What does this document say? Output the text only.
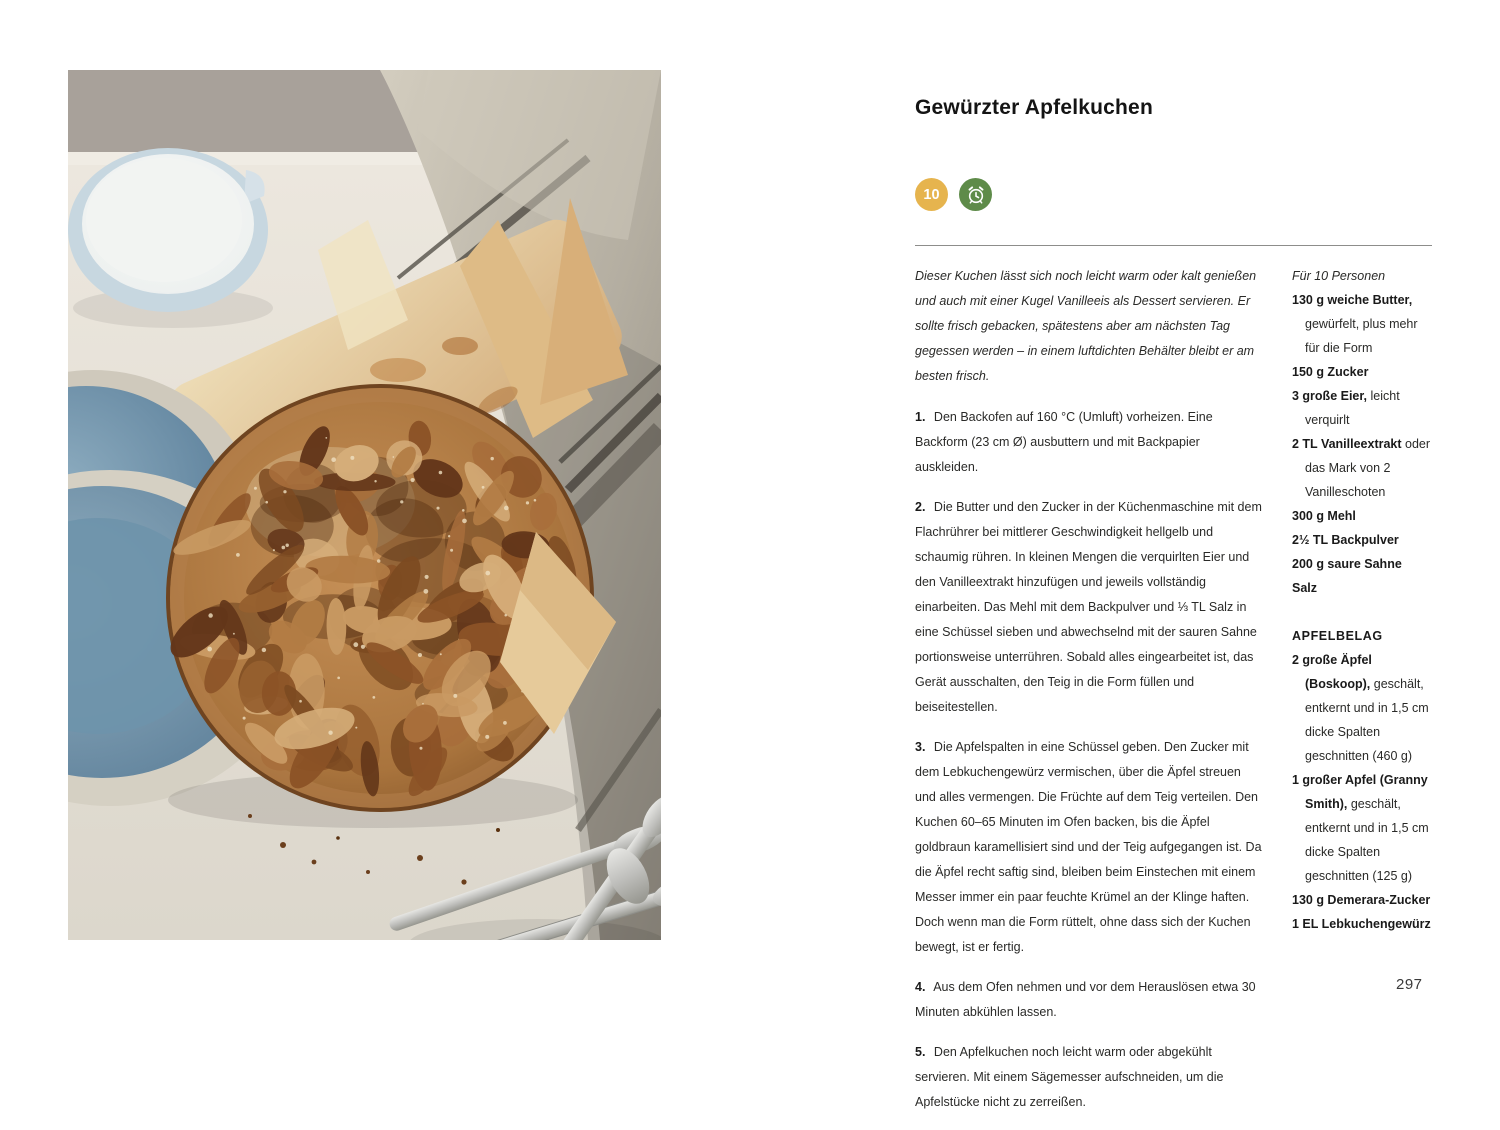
Gewürzter Apfelkuchen
10

Dieser Kuchen lässt sich noch leicht warm oder kalt genießen und auch mit einer Kugel Vanilleeis als Dessert servieren. Er sollte frisch gebacken, spätestens aber am nächsten Tag gegessen werden – in einem luftdichten Behälter bleibt er am besten frisch.

1. Den Backofen auf 160 °C (Umluft) vorheizen. Eine Backform (23 cm Ø) ausbuttern und mit Backpapier auskleiden.

2. Die Butter und den Zucker in der Küchenmaschine mit dem Flachrührer bei mittlerer Geschwindigkeit hellgelb und schaumig rühren. In kleinen Mengen die verquirlten Eier und den Vanilleextrakt hinzufügen und jeweils vollständig einarbeiten. Das Mehl mit dem Backpulver und ⅓ TL Salz in eine Schüssel sieben und abwechselnd mit der sauren Sahne portionsweise unterrühren. Sobald alles eingearbeitet ist, das Gerät ausschalten, den Teig in die Form füllen und beiseitestellen.

3. Die Apfelspalten in eine Schüssel geben. Den Zucker mit dem Lebkuchengewürz vermischen, über die Äpfel streuen und alles vermengen. Die Früchte auf dem Teig verteilen. Den Kuchen 60–65 Minuten im Ofen backen, bis die Äpfel goldbraun karamellisiert sind und der Teig aufgegangen ist. Da die Äpfel recht saftig sind, bleiben beim Einstechen mit einem Messer immer ein paar feuchte Krümel an der Klinge haften. Doch wenn man die Form rüttelt, ohne dass sich der Kuchen bewegt, ist er fertig.

4. Aus dem Ofen nehmen und vor dem Herauslösen etwa 30 Minuten abkühlen lassen.

5. Den Apfelkuchen noch leicht warm oder abgekühlt servieren. Mit einem Sägemesser aufschneiden, um die Apfelstücke nicht zu zerreißen.

Für 10 Personen

130 g weiche Butter, gewürfelt, plus mehr für die Form

150 g Zucker

3 große Eier, leicht verquirlt

2 TL Vanilleextrakt oder das Mark von 2 Vanilleschoten

300 g Mehl

2½ TL Backpulver

200 g saure Sahne

Salz

APFELBELAG

2 große Äpfel (Boskoop), geschält, entkernt und in 1,5 cm dicke Spalten geschnitten (460 g)

1 großer Apfel (Granny Smith), geschält, entkernt und in 1,5 cm dicke Spalten geschnitten (125 g)

130 g Demerara-Zucker

1 EL Lebkuchengewürz

297
